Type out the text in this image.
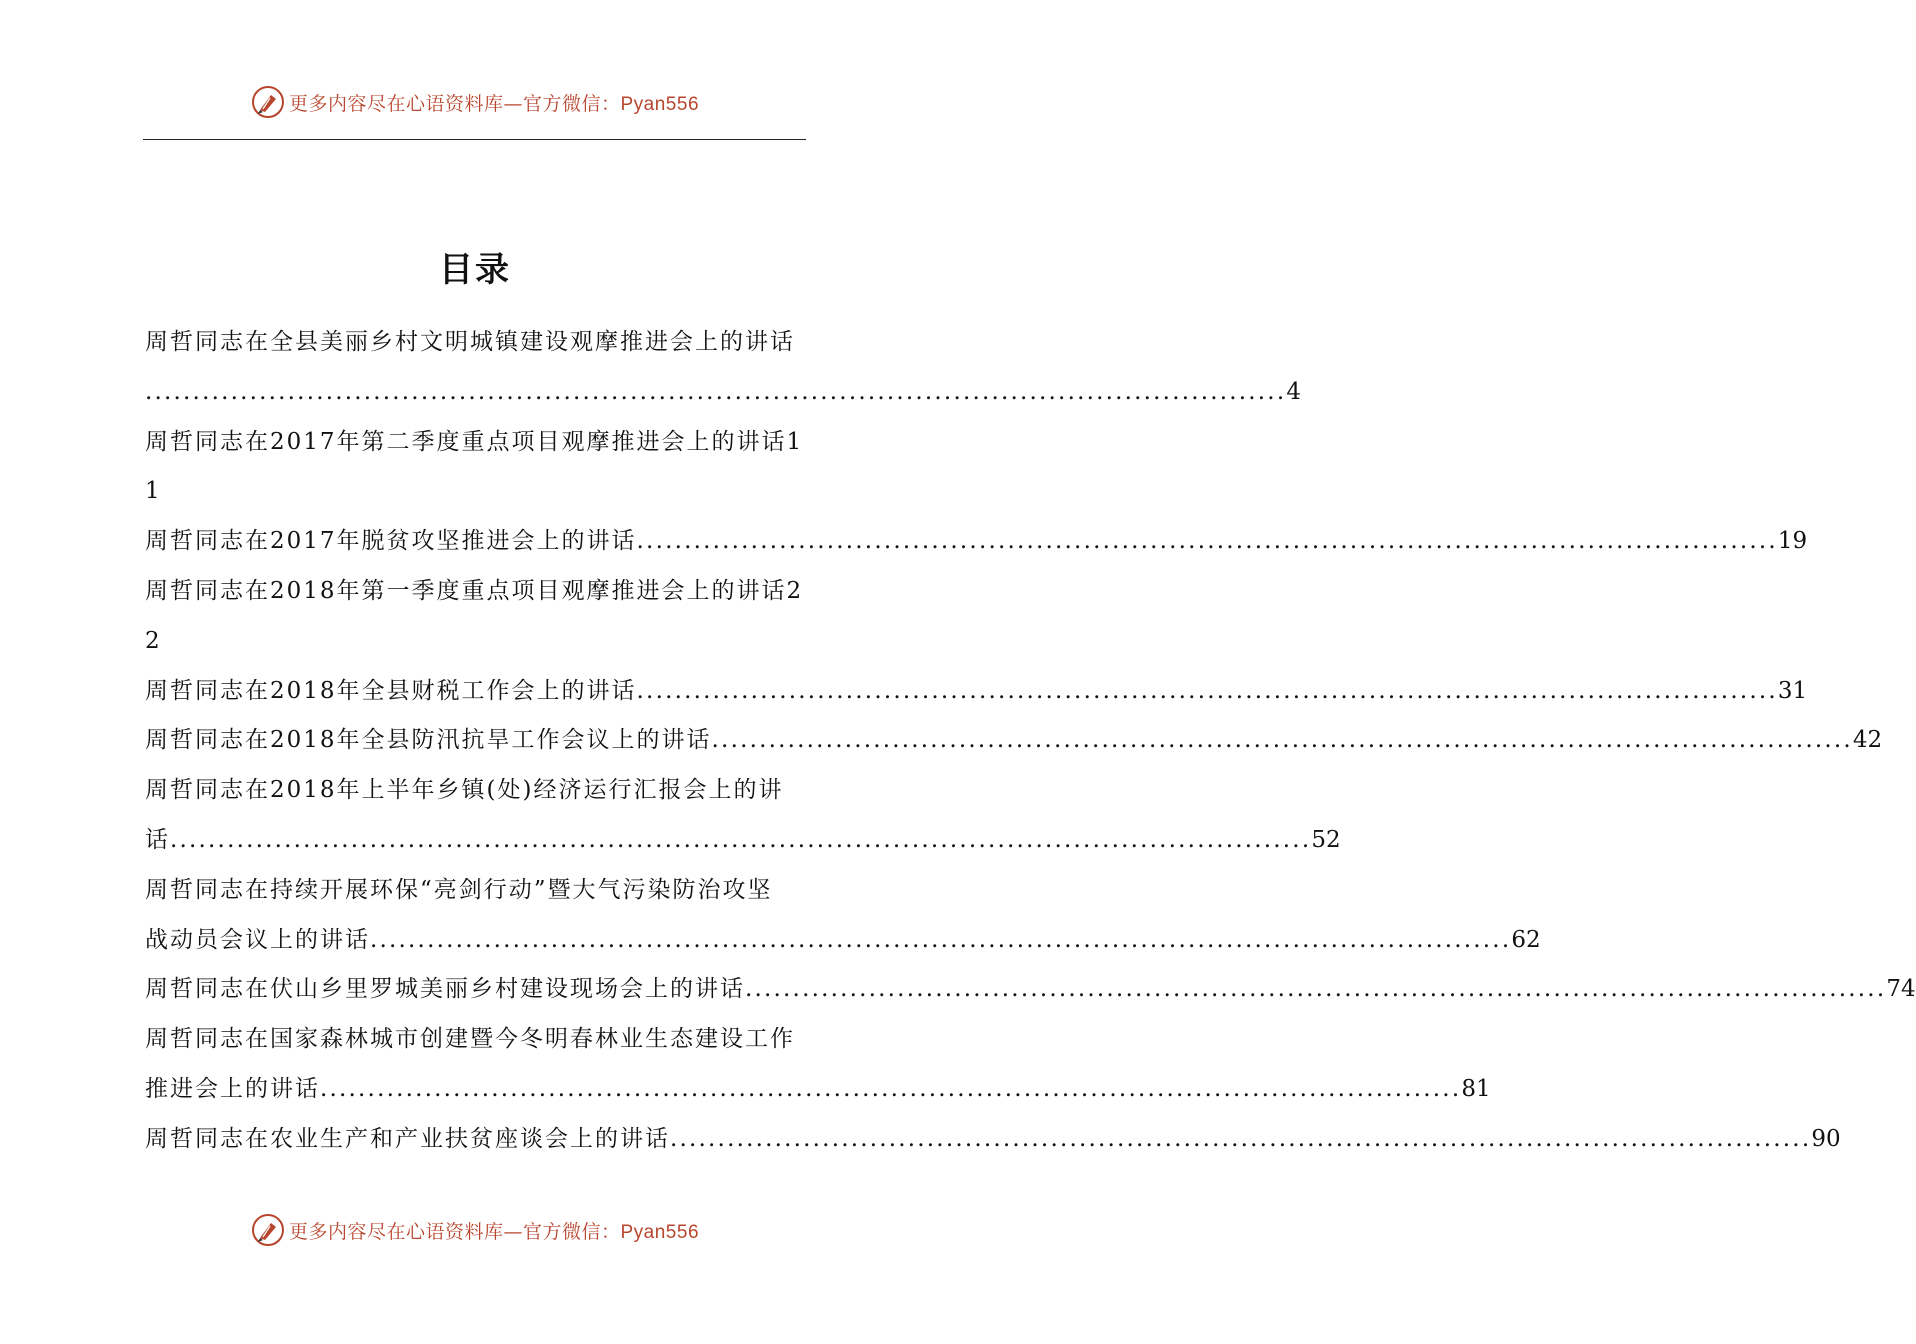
更多内容尽在心语资料库—官方微信：Pyan556
目录
周哲同志在全县美丽乡村文明城镇建设观摩推进会上的讲话
........................................................................................................................ 4
周哲同志在2017年第二季度重点项目观摩推进会上的讲话1
1
周哲同志在2017年脱贫攻坚推进会上的讲话 ........................................................................................................................ 19
周哲同志在2018年第一季度重点项目观摩推进会上的讲话2
2
周哲同志在2018年全县财税工作会上的讲话 ........................................................................................................................ 31
周哲同志在2018年全县防汛抗旱工作会议上的讲话 ........................................................................................................................ 42
周哲同志在2018年上半年乡镇(处)经济运行汇报会上的讲
话 ........................................................................................................................ 52
周哲同志在持续开展环保“亮剑行动”暨大气污染防治攻坚
战动员会议上的讲话 ........................................................................................................................ 62
周哲同志在伏山乡里罗城美丽乡村建设现场会上的讲话 ........................................................................................................................ 74
周哲同志在国家森林城市创建暨今冬明春林业生态建设工作
推进会上的讲话 ........................................................................................................................ 81
周哲同志在农业生产和产业扶贫座谈会上的讲话 ........................................................................................................................ 90
更多内容尽在心语资料库—官方微信：Pyan556
